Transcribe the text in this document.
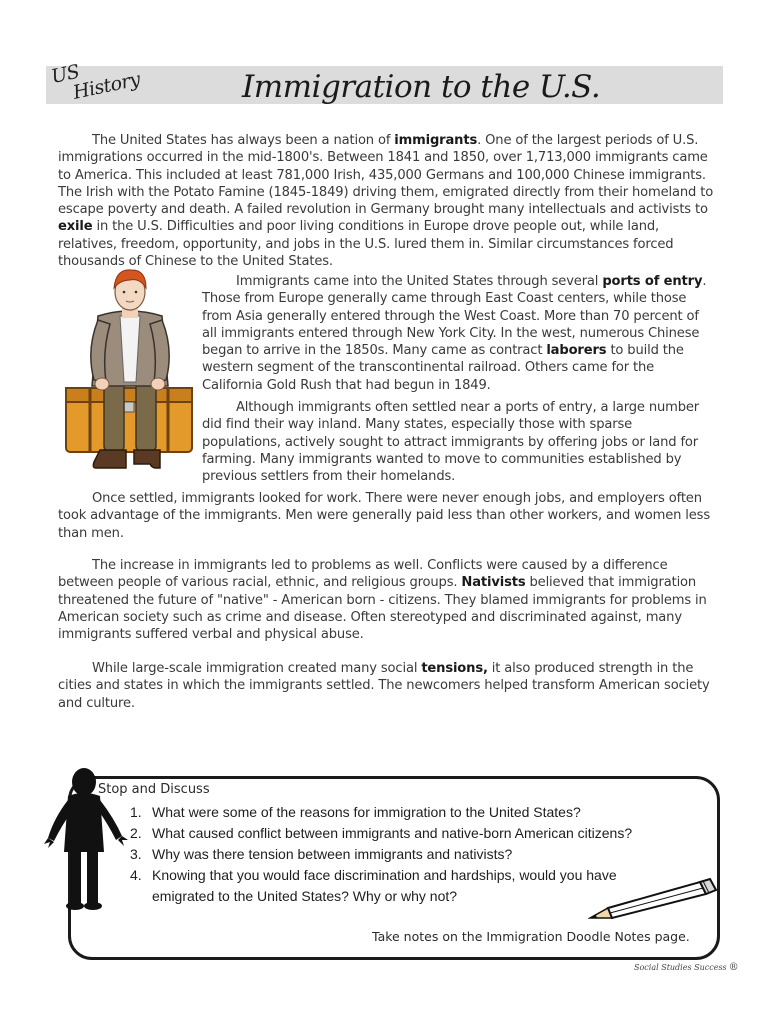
US
History	Immigration to the U.S.

The United States has always been a nation of immigrants. One of the largest periods of U.S. immigrations occurred in the mid-1800's. Between 1841 and 1850, over 1,713,000 immigrants came to America. This included at least 781,000 Irish, 435,000 Germans and 100,000 Chinese immigrants. The Irish with the Potato Famine (1845-1849) driving them, emigrated directly from their homeland to escape poverty and death. A failed revolution in Germany brought many intellectuals and activists to exile in the U.S. Difficulties and poor living conditions in Europe drove people out, while land, relatives, freedom, opportunity, and jobs in the U.S. lured them in. Similar circumstances forced thousands of Chinese to the United States.

Immigrants came into the United States through several ports of entry. Those from Europe generally came through East Coast centers, while those from Asia generally entered through the West Coast. More than 70 percent of all immigrants entered through New York City. In the west, numerous Chinese began to arrive in the 1850s. Many came as contract laborers to build the western segment of the transcontinental railroad. Others came for the California Gold Rush that had begun in 1849.

Although immigrants often settled near a ports of entry, a large number did find their way inland. Many states, especially those with sparse populations, actively sought to attract immigrants by offering jobs or land for farming. Many immigrants wanted to move to communities established by previous settlers from their homelands.

Once settled, immigrants looked for work. There were never enough jobs, and employers often took advantage of the immigrants. Men were generally paid less than other workers, and women less than men.

The increase in immigrants led to problems as well. Conflicts were caused by a difference between people of various racial, ethnic, and religious groups. Nativists believed that immigration threatened the future of "native" - American born - citizens. They blamed immigrants for problems in American society such as crime and disease. Often stereotyped and discriminated against, many immigrants suffered verbal and physical abuse.

While large-scale immigration created many social tensions, it also produced strength in the cities and states in which the immigrants settled. The newcomers helped transform American society and culture.

Stop and Discuss
1. What were some of the reasons for immigration to the United States?
2. What caused conflict between immigrants and native-born American citizens?
3. Why was there tension between immigrants and nativists?
4. Knowing that you would face discrimination and hardships, would you have emigrated to the United States? Why or why not?

Take notes on the Immigration Doodle Notes page.

Social Studies Success ®
